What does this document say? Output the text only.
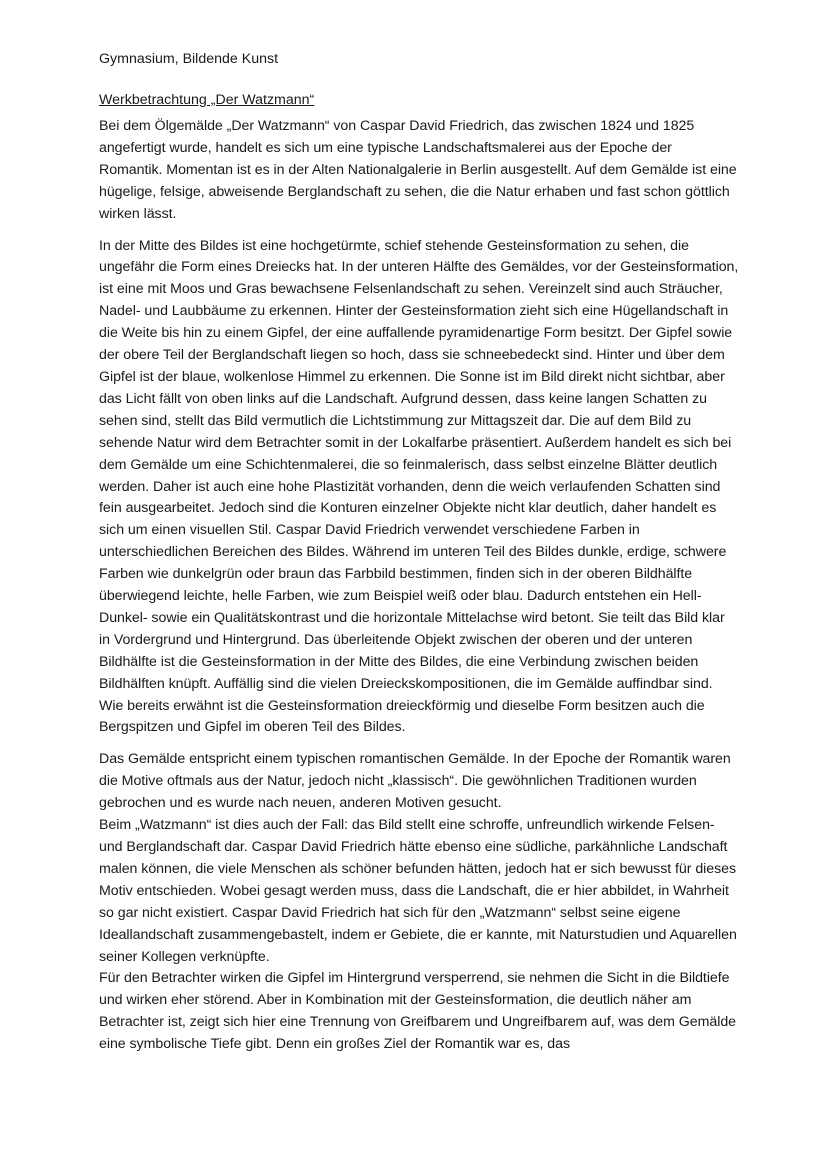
Gymnasium, Bildende Kunst

Werkbetrachtung „Der Watzmann“

Bei dem Ölgemälde „Der Watzmann“ von Caspar David Friedrich, das zwischen 1824 und 1825 angefertigt wurde, handelt es sich um eine typische Landschaftsmalerei aus der Epoche der Romantik. Momentan ist es in der Alten Nationalgalerie in Berlin ausgestellt. Auf dem Gemälde ist eine hügelige, felsige, abweisende Berglandschaft zu sehen, die die Natur erhaben und fast schon göttlich wirken lässt.

In der Mitte des Bildes ist eine hochgetürmte, schief stehende Gesteinsformation zu sehen, die ungefähr die Form eines Dreiecks hat. In der unteren Hälfte des Gemäldes, vor der Gesteinsformation, ist eine mit Moos und Gras bewachsene Felsenlandschaft zu sehen. Vereinzelt sind auch Sträucher, Nadel- und Laubbäume zu erkennen. Hinter der Gesteinsformation zieht sich eine Hügellandschaft in die Weite bis hin zu einem Gipfel, der eine auffallende pyramidenartige Form besitzt. Der Gipfel sowie der obere Teil der Berglandschaft liegen so hoch, dass sie schneebedeckt sind. Hinter und über dem Gipfel ist der blaue, wolkenlose Himmel zu erkennen. Die Sonne ist im Bild direkt nicht sichtbar, aber das Licht fällt von oben links auf die Landschaft. Aufgrund dessen, dass keine langen Schatten zu sehen sind, stellt das Bild vermutlich die Lichtstimmung zur Mittagszeit dar. Die auf dem Bild zu sehende Natur wird dem Betrachter somit in der Lokalfarbe präsentiert. Außerdem handelt es sich bei dem Gemälde um eine Schichtenmalerei, die so feinmalerisch, dass selbst einzelne Blätter deutlich werden. Daher ist auch eine hohe Plastizität vorhanden, denn die weich verlaufenden Schatten sind fein ausgearbeitet. Jedoch sind die Konturen einzelner Objekte nicht klar deutlich, daher handelt es sich um einen visuellen Stil. Caspar David Friedrich verwendet verschiedene Farben in unterschiedlichen Bereichen des Bildes. Während im unteren Teil des Bildes dunkle, erdige, schwere Farben wie dunkelgrün oder braun das Farbbild bestimmen, finden sich in der oberen Bildhälfte überwiegend leichte, helle Farben, wie zum Beispiel weiß oder blau. Dadurch entstehen ein Hell-Dunkel- sowie ein Qualitätskontrast und die horizontale Mittelachse wird betont. Sie teilt das Bild klar in Vordergrund und Hintergrund. Das überleitende Objekt zwischen der oberen und der unteren Bildhälfte ist die Gesteinsformation in der Mitte des Bildes, die eine Verbindung zwischen beiden Bildhälften knüpft. Auffällig sind die vielen Dreieckskompositionen, die im Gemälde auffindbar sind. Wie bereits erwähnt ist die Gesteinsformation dreieckförmig und dieselbe Form besitzen auch die Bergspitzen und Gipfel im oberen Teil des Bildes.

Das Gemälde entspricht einem typischen romantischen Gemälde. In der Epoche der Romantik waren die Motive oftmals aus der Natur, jedoch nicht „klassisch“. Die gewöhnlichen Traditionen wurden gebrochen und es wurde nach neuen, anderen Motiven gesucht.

Beim „Watzmann“ ist dies auch der Fall: das Bild stellt eine schroffe, unfreundlich wirkende Felsen- und Berglandschaft dar. Caspar David Friedrich hätte ebenso eine südliche, parkähnliche Landschaft malen können, die viele Menschen als schöner befunden hätten, jedoch hat er sich bewusst für dieses Motiv entschieden. Wobei gesagt werden muss, dass die Landschaft, die er hier abbildet, in Wahrheit so gar nicht existiert. Caspar David Friedrich hat sich für den „Watzmann“ selbst seine eigene Ideallandschaft zusammengebastelt, indem er Gebiete, die er kannte, mit Naturstudien und Aquarellen seiner Kollegen verknüpfte.

Für den Betrachter wirken die Gipfel im Hintergrund versperrend, sie nehmen die Sicht in die Bildtiefe und wirken eher störend. Aber in Kombination mit der Gesteinsformation, die deutlich näher am Betrachter ist, zeigt sich hier eine Trennung von Greifbarem und Ungreifbarem auf, was dem Gemälde eine symbolische Tiefe gibt. Denn ein großes Ziel der Romantik war es, das
